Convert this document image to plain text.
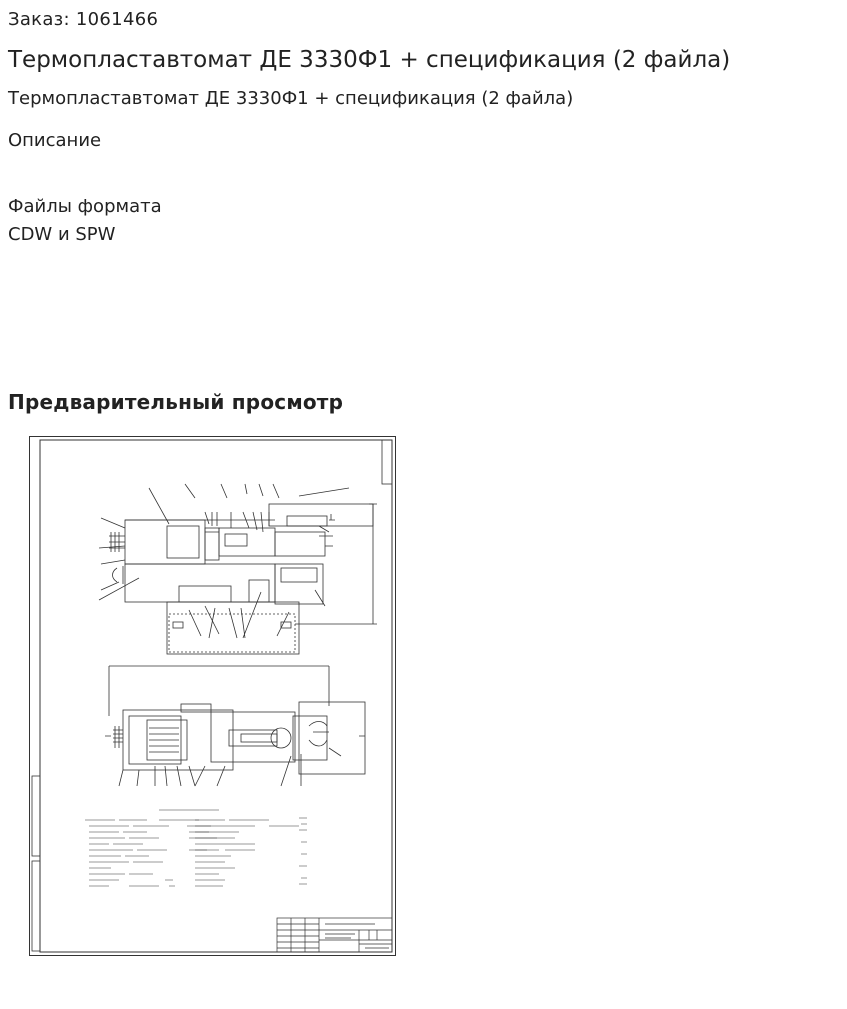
Заказ: 1061466
Термопластавтомат ДЕ 3330Ф1 + спецификация (2 файла)
Термопластавтомат ДЕ 3330Ф1 + спецификация (2 файла)
Описание
Файлы формата
CDW и SPW
Предварительный просмотр
